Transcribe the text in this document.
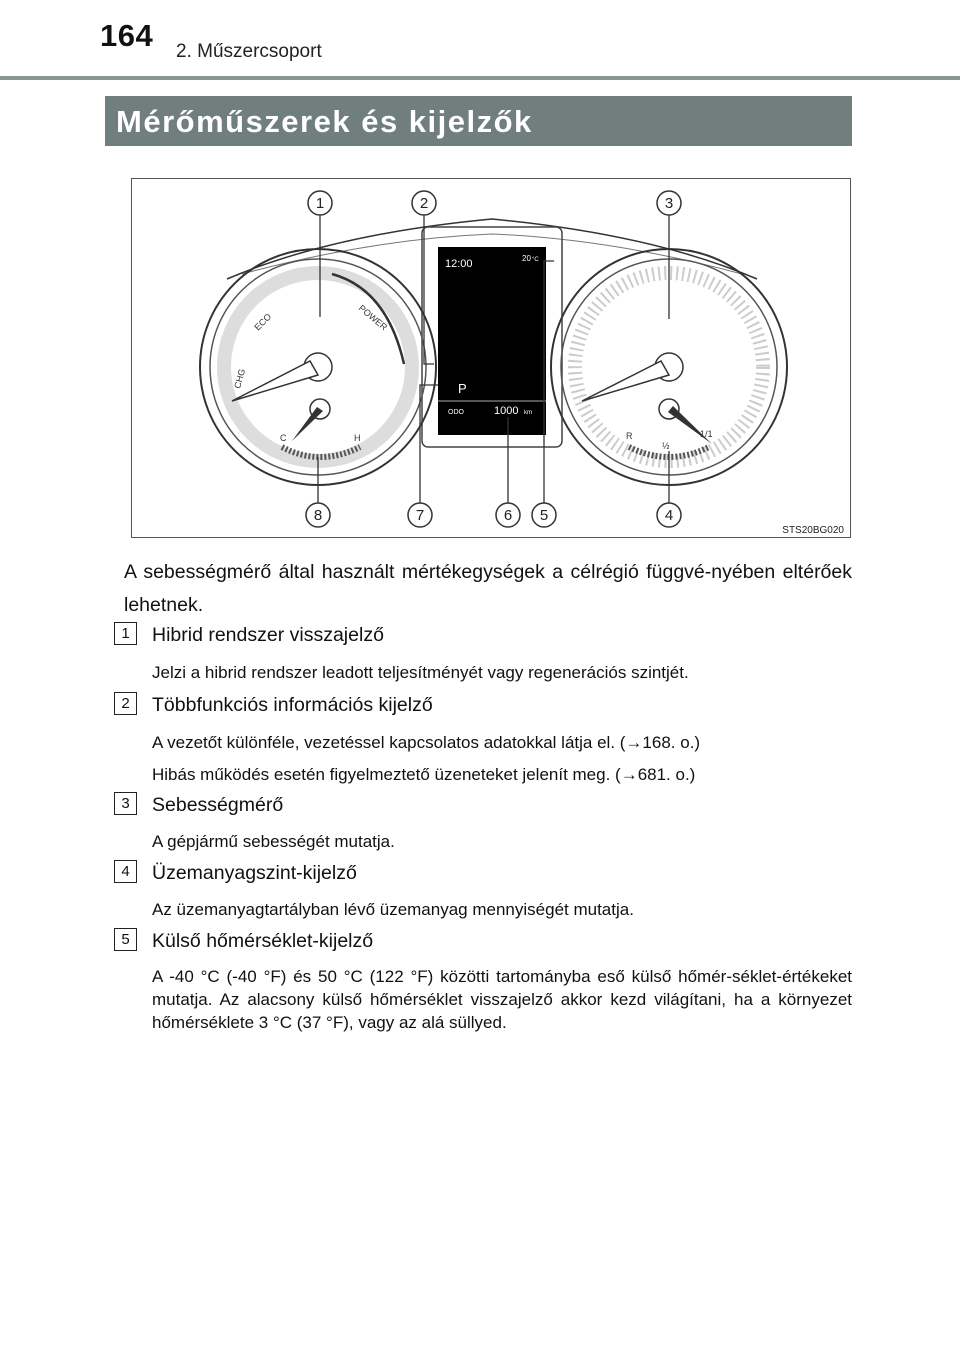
164 2. Műszercsoport
Mérőműszerek és kijelzők
ECO	POWER
CHG
C	H	R
½
1/1
12:00	20 °C
P
ODO	1000 km
1	2	3
4
5
6
7
8
STS20BG020
A sebességmérő által használt mértékegységek a célrégió függvé-nyében eltérőek lehetnek.
1	Hibrid rendszer visszajelző
Jelzi a hibrid rendszer leadott teljesítményét vagy regenerációs szintjét.
2	Többfunkciós információs kijelző
A vezetőt különféle, vezetéssel kapcsolatos adatokkal látja el. (→168. o.)
Hibás működés esetén figyelmeztető üzeneteket jelenít meg. (→681. o.)
3	Sebességmérő
A gépjármű sebességét mutatja.
4	Üzemanyagszint-kijelző
Az üzemanyagtartályban lévő üzemanyag mennyiségét mutatja.
5	Külső hőmérséklet-kijelző
A -40 °C (-40 °F) és 50 °C (122 °F) közötti tartományba eső külső hőmér-séklet-értékeket mutatja. Az alacsony külső hőmérséklet visszajelző akkor kezd világítani, ha a környezet hőmérséklete 3 °C (37 °F), vagy az alá süllyed.
